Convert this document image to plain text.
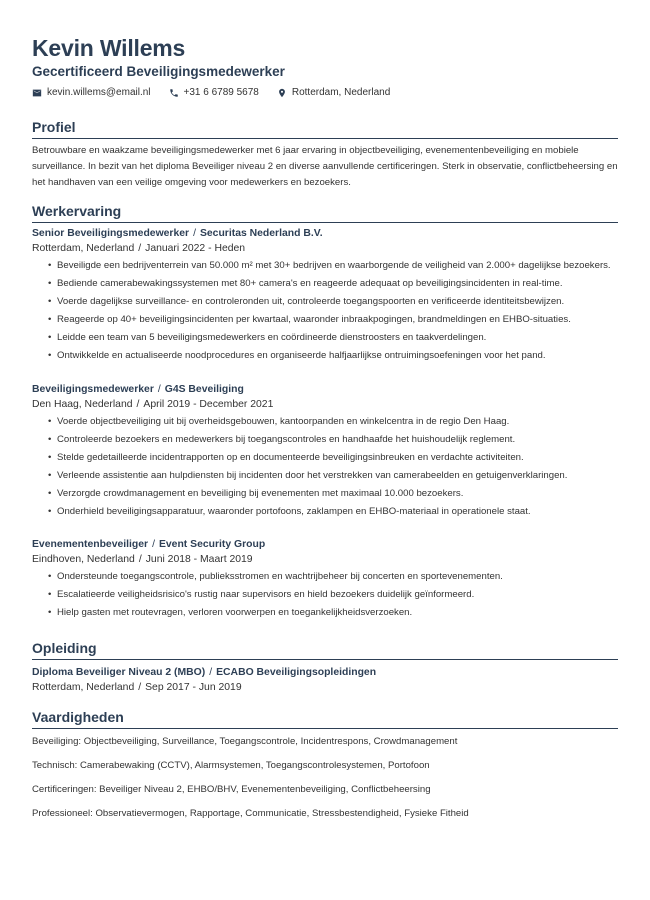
Kevin Willems
Gecertificeerd Beveiligingsmedewerker
kevin.willems@email.nl	+31 6 6789 5678	Rotterdam, Nederland
Profiel
Betrouwbare en waakzame beveiligingsmedewerker met 6 jaar ervaring in objectbeveiliging, evenementenbeveiliging en mobiele surveillance. In bezit van het diploma Beveiliger niveau 2 en diverse aanvullende certificeringen. Sterk in observatie, conflictbeheersing en het handhaven van een veilige omgeving voor medewerkers en bezoekers.
Werkervaring
Senior Beveiligingsmedewerker / Securitas Nederland B.V.
Rotterdam, Nederland / Januari 2022 - Heden
• Beveiligde een bedrijventerrein van 50.000 m² met 30+ bedrijven en waarborgende de veiligheid van 2.000+ dagelijkse bezoekers.
• Bediende camerabewakingssystemen met 80+ camera's en reageerde adequaat op beveiligingsincidenten in real-time.
• Voerde dagelijkse surveillance- en controleronden uit, controleerde toegangspoorten en verificeerde identiteitsbewijzen.
• Reageerde op 40+ beveiligingsincidenten per kwartaal, waaronder inbraakpogingen, brandmeldingen en EHBO-situaties.
• Leidde een team van 5 beveiligingsmedewerkers en coördineerde dienstroosters en taakverdelingen.
• Ontwikkelde en actualiseerde noodprocedures en organiseerde halfjaarlijkse ontruimingsoefeningen voor het pand.
Beveiligingsmedewerker / G4S Beveiliging
Den Haag, Nederland / April 2019 - December 2021
• Voerde objectbeveiliging uit bij overheidsgebouwen, kantoorpanden en winkelcentra in de regio Den Haag.
• Controleerde bezoekers en medewerkers bij toegangscontroles en handhaafde het huishoudelijk reglement.
• Stelde gedetailleerde incidentrapporten op en documenteerde beveiligingsinbreuken en verdachte activiteiten.
• Verleende assistentie aan hulpdiensten bij incidenten door het verstrekken van camerabeelden en getuigenverklaringen.
• Verzorgde crowdmanagement en beveiliging bij evenementen met maximaal 10.000 bezoekers.
• Onderhield beveiligingsapparatuur, waaronder portofoons, zaklampen en EHBO-materiaal in operationele staat.
Evenementenbeveiliger / Event Security Group
Eindhoven, Nederland / Juni 2018 - Maart 2019
• Ondersteunde toegangscontrole, publieksstromen en wachtrijbeheer bij concerten en sportevenementen.
• Escalatieerde veiligheidsrisico's rustig naar supervisors en hield bezoekers duidelijk geïnformeerd.
• Hielp gasten met routevragen, verloren voorwerpen en toegankelijkheidsverzoeken.
Opleiding
Diploma Beveiliger Niveau 2 (MBO) / ECABO Beveiligingsopleidingen
Rotterdam, Nederland / Sep 2017 - Jun 2019
Vaardigheden
Beveiliging: Objectbeveiliging, Surveillance, Toegangscontrole, Incidentrespons, Crowdmanagement
Technisch: Camerabewaking (CCTV), Alarmsystemen, Toegangscontrolesystemen, Portofoon
Certificeringen: Beveiliger Niveau 2, EHBO/BHV, Evenementenbeveiliging, Conflictbeheersing
Professioneel: Observatievermogen, Rapportage, Communicatie, Stressbestendigheid, Fysieke Fitheid
